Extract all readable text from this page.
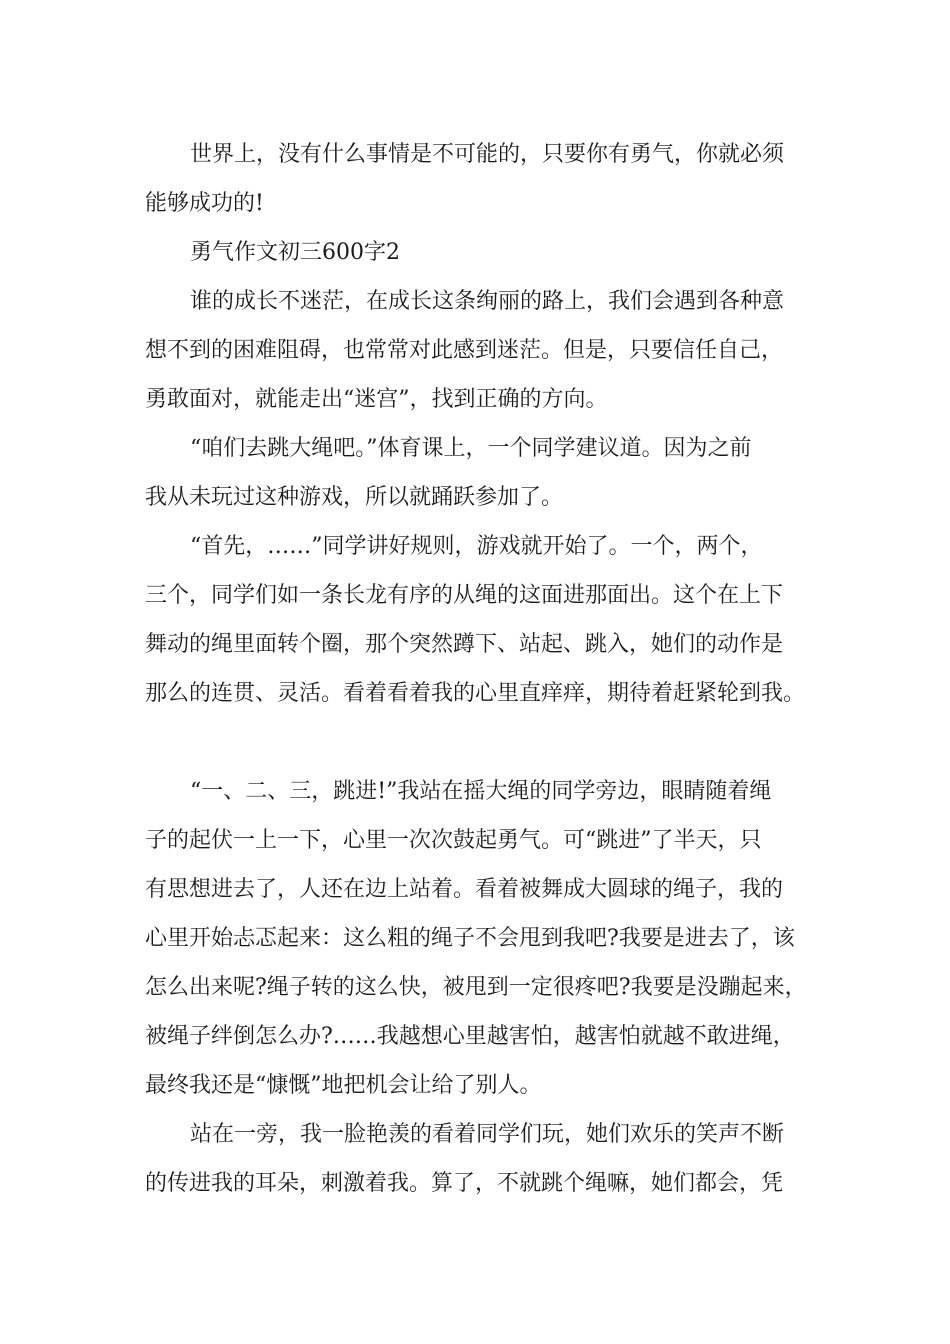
世界上，没有什么事情是不可能的，只要你有勇气，你就必须

能够成功的!

勇气作文初三600字2

谁的成长不迷茫，在成长这条绚丽的路上，我们会遇到各种意

想不到的困难阻碍，也常常对此感到迷茫。但是，只要信任自己，

勇敢面对，就能走出“迷宫”，找到正确的方向。

“咱们去跳大绳吧。”体育课上，一个同学建议道。因为之前

我从未玩过这种游戏，所以就踊跃参加了。

“首先，……”同学讲好规则，游戏就开始了。一个，两个，

三个，同学们如一条长龙有序的从绳的这面进那面出。这个在上下

舞动的绳里面转个圈，那个突然蹲下、站起、跳入，她们的动作是

那么的连贯、灵活。看着看着我的心里直痒痒，期待着赶紧轮到我。

“一、二、三，跳进!”我站在摇大绳的同学旁边，眼睛随着绳

子的起伏一上一下，心里一次次鼓起勇气。可“跳进”了半天，只

有思想进去了，人还在边上站着。看着被舞成大圆球的绳子，我的

心里开始忐忑起来：这么粗的绳子不会甩到我吧?我要是进去了，该

怎么出来呢?绳子转的这么快，被甩到一定很疼吧?我要是没蹦起来，

被绳子绊倒怎么办?……我越想心里越害怕，越害怕就越不敢进绳，

最终我还是“慷慨”地把机会让给了别人。

站在一旁，我一脸艳羡的看着同学们玩，她们欢乐的笑声不断

的传进我的耳朵，刺激着我。算了，不就跳个绳嘛，她们都会，凭
